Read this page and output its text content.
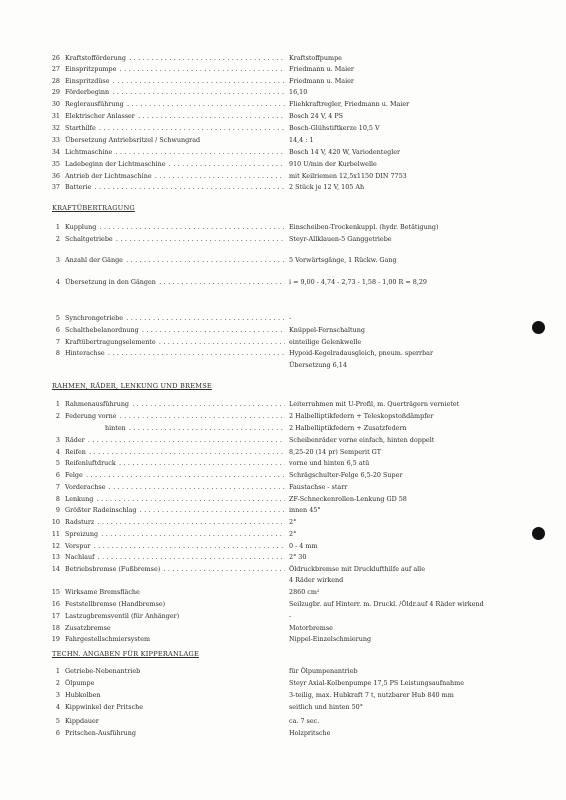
26 Kraftstofförderung . . .	Kraftstoffpumpe
27 Einspritzpumpe . . .	Friedmann u. Maier
28 Einspritzdüse . . .	Friedmann u. Maier
29 Förderbeginn . . .	16,10
30 Reglerausführung . . .	Fliehkraftregler, Friedmann u. Maier
31 Elektrischer Anlasser . . .	Bosch 24 V, 4 PS
32 Starthilfe . . .	Bosch-Glühstiftkerze 10,5 V
33 Übersetzung Antriebsritzel / Schwungrad	14,4 : 1
34 Lichtmaschine . . .	Bosch 14 V, 420 W, Variodentegler
35 Ladebeginn der Lichtmaschine . . .	910 U/min der Kurbelwelle
36 Antrieb der Lichtmaschine . . .	mit Keilriemen 12,5x1150 DIN 7753
37 Batterie . . .	2 Stück je 12 V, 105 Ah
KRAFTÜBERTRAGUNG
1 Kupplung . . .	Einscheiben-Trockenkuppl. (hydr. Betätigung)
2 Schaltgetriebe . . .	Steyr-Allklauen-5 Ganggetriebe
3 Anzahl der Gänge . . .	5 Vorwärtsgänge, 1 Rückw. Gang
4 Übersetzung in den Gängen . . .	i = 9,00 - 4,74 - 2,73 - 1,58 - 1,00 R = 8,29
5 Synchrongetriebe . . .	-
6 Schalthebelanordnung . . .	Knüppel-Fernschaltung
7 Kraftübertragungselemente . . .	einteilige Gelenkwelle
8 Hinterachse . . .	Hypoid-Kegelradausgleich, pneum. sperrbar
Übersetzung 6,14
RAHMEN, RÄDER, LENKUNG UND BREMSE
1 Rahmenausführung . . .	Leiterrahmen mit U-Profil, m. Querträgern vernietet
2 Federung vorne . . .	2 Halbelliptikfedern + Teleskopstoßdämpfer
hinten . . .	2 Halbelliptikfedern + Zusatzfedern
3 Räder . . .	Scheibenräder vorne einfach, hinten doppelt
4 Reifen . . .	8,25-20 (14 pr) Semperit GT
5 Reifenluftdruck . . .	vorne und hinten 6,5 atü
6 Felge . . .	Schrägschulter-Felge 6,5-20 Super
7 Vorderachse . . .	Faustachse - starr
8 Lenkung . . .	ZF-Schneckenrollen-Lenkung GD 58
9 Größter Radeinschlag . . .	innen 45°
10 Radsturz . . .	2°
11 Spreizung . . .	2°
12 Vorspur . . .	0 - 4 mm
13 Nachlauf . . .	2° 30
14 Betriebsbremse (Fußbremse) . . .	Öldruckbremse mit Drucklufthilfe auf alle
4 Räder wirkend
15 Wirksame Bremsfläche	2860 cm²
16 Feststellbremse (Handbremse)	Seilzugbr. auf Hinterr. m. Druckl. /Öldr.auf 4 Räder wirkend
17 Lastzugbremsventil (für Anhänger)	-
18 Zusatzbremse	Motorbremse
19 Fahrgestellschmiersystem	Nippel-Einzelschmierung
TECHN. ANGABEN FÜR KIPPERANLAGE
1 Getriebe-Nebenantrieb	für Ölpumpenantrieb
2 Ölpumpe	Steyr Axial-Kolbenpumpe 17,5 PS Leistungsaufnahme
3 Hubkolben	3-teilig, max. Hubkraft 7 t, nutzbarer Hub 840 mm
4 Kippwinkel der Pritsche	seitlich und hinten 50°
5 Kippdauer	ca. 7 sec.
6 Pritschen-Ausführung	Holzpritsche
